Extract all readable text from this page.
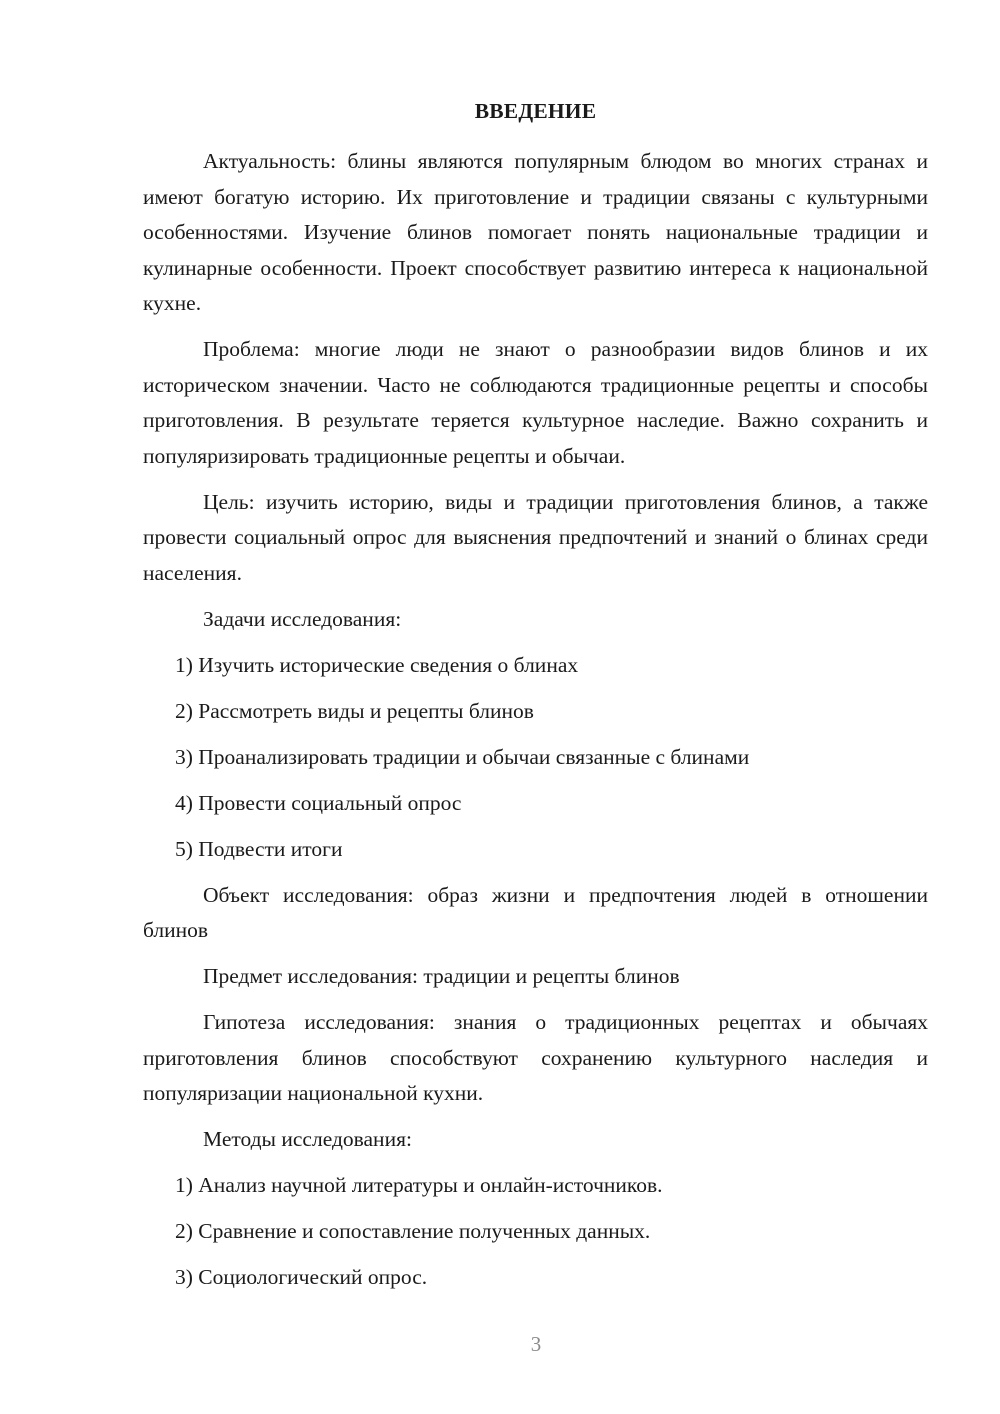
ВВЕДЕНИЕ

Актуальность: блины являются популярным блюдом во многих странах и имеют богатую историю. Их приготовление и традиции связаны с культурными особенностями. Изучение блинов помогает понять национальные традиции и кулинарные особенности. Проект способствует развитию интереса к национальной кухне.

Проблема: многие люди не знают о разнообразии видов блинов и их историческом значении. Часто не соблюдаются традиционные рецепты и способы приготовления. В результате теряется культурное наследие. Важно сохранить и популяризировать традиционные рецепты и обычаи.

Цель: изучить историю, виды и традиции приготовления блинов, а также провести социальный опрос для выяснения предпочтений и знаний о блинах среди населения.

Задачи исследования:
1) Изучить исторические сведения о блинах
2) Рассмотреть виды и рецепты блинов
3) Проанализировать традиции и обычаи связанные с блинами
4) Провести социальный опрос
5) Подвести итоги

Объект исследования: образ жизни и предпочтения людей в отношении блинов

Предмет исследования: традиции и рецепты блинов

Гипотеза исследования: знания о традиционных рецептах и обычаях приготовления блинов способствуют сохранению культурного наследия и популяризации национальной кухни.

Методы исследования:
1) Анализ научной литературы и онлайн-источников.
2) Сравнение и сопоставление полученных данных.
3) Социологический опрос.
3
